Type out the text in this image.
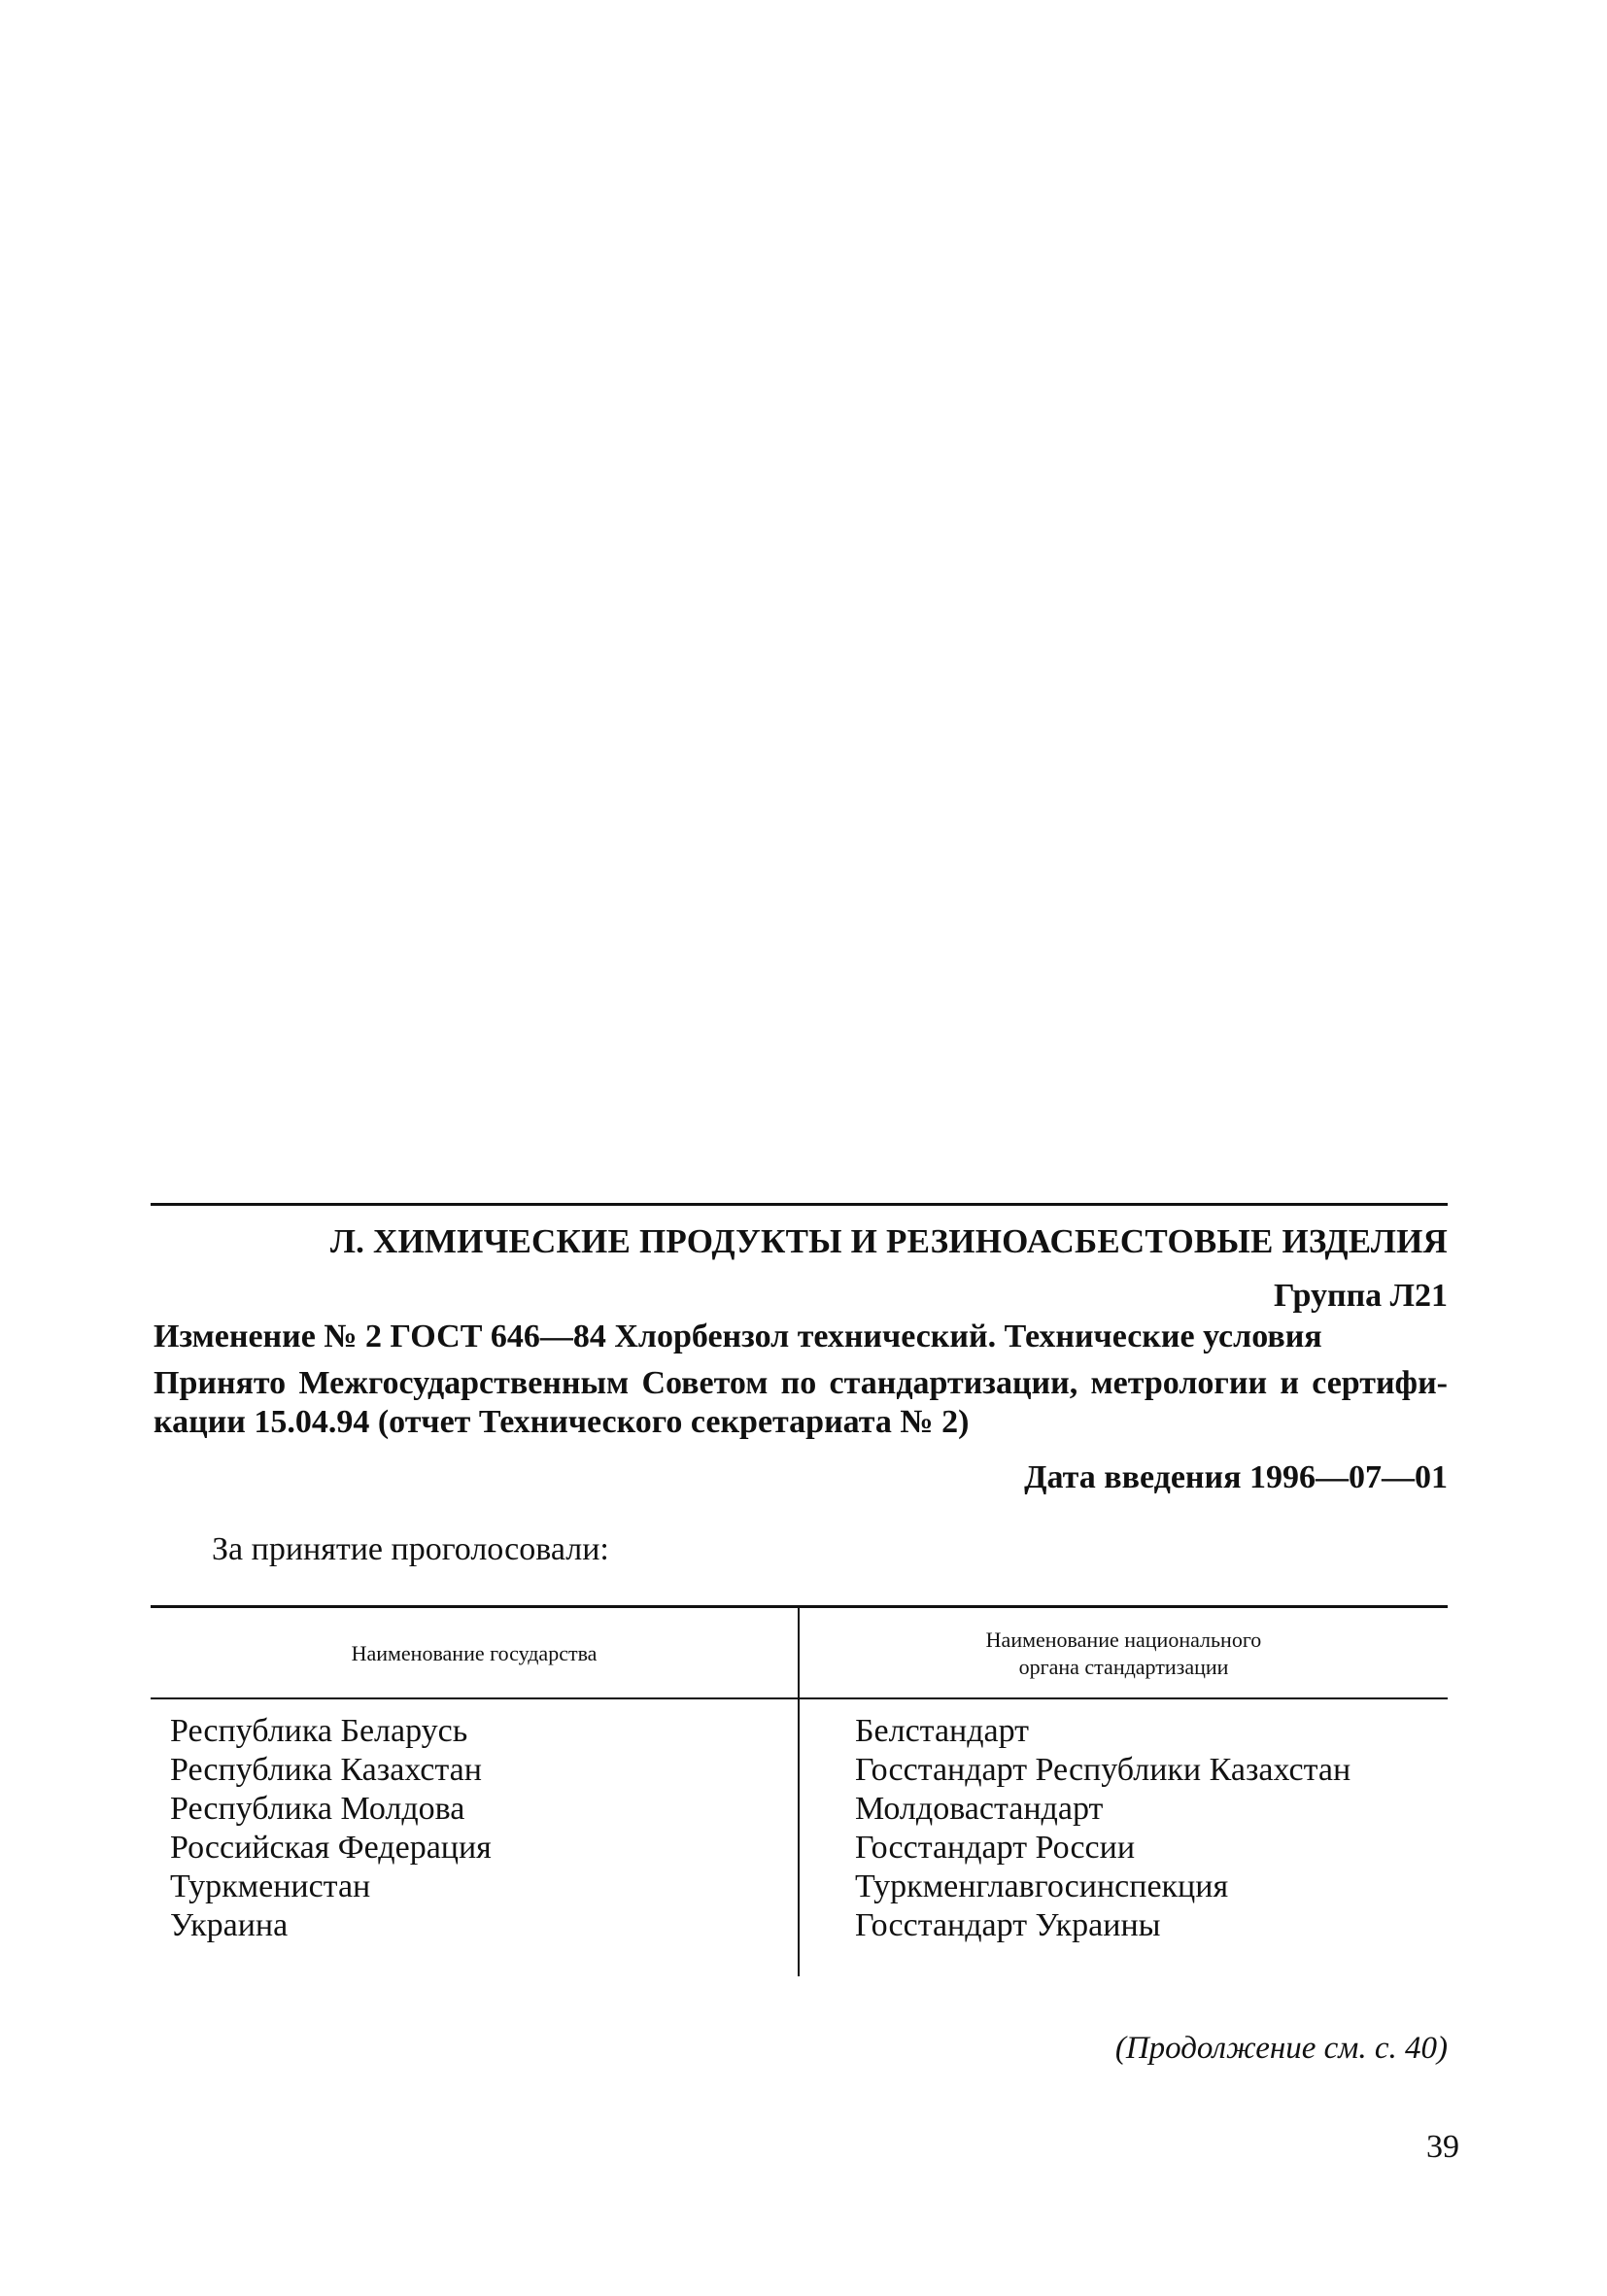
Л. ХИМИЧЕСКИЕ ПРОДУКТЫ И РЕЗИНОАСБЕСТОВЫЕ ИЗДЕЛИЯ
Группа Л21
Изменение № 2 ГОСТ 646—84 Хлорбензол технический. Технические условия
Принято Межгосударственным Советом по стандартизации, метрологии и сертифи-
кации 15.04.94 (отчет Технического секретариата № 2)
Дата введения 1996—07—01
За принятие проголосовали:
Наименование государства
Наименование национального
органа стандартизации
Республика Беларусь
Республика Казахстан
Республика Молдова
Российская Федерация
Туркменистан
Украина
Белстандарт
Госстандарт Республики Казахстан
Молдовастандарт
Госстандарт России
Туркменглавгосинспекция
Госстандарт Украины
(Продолжение см. с. 40)
39
